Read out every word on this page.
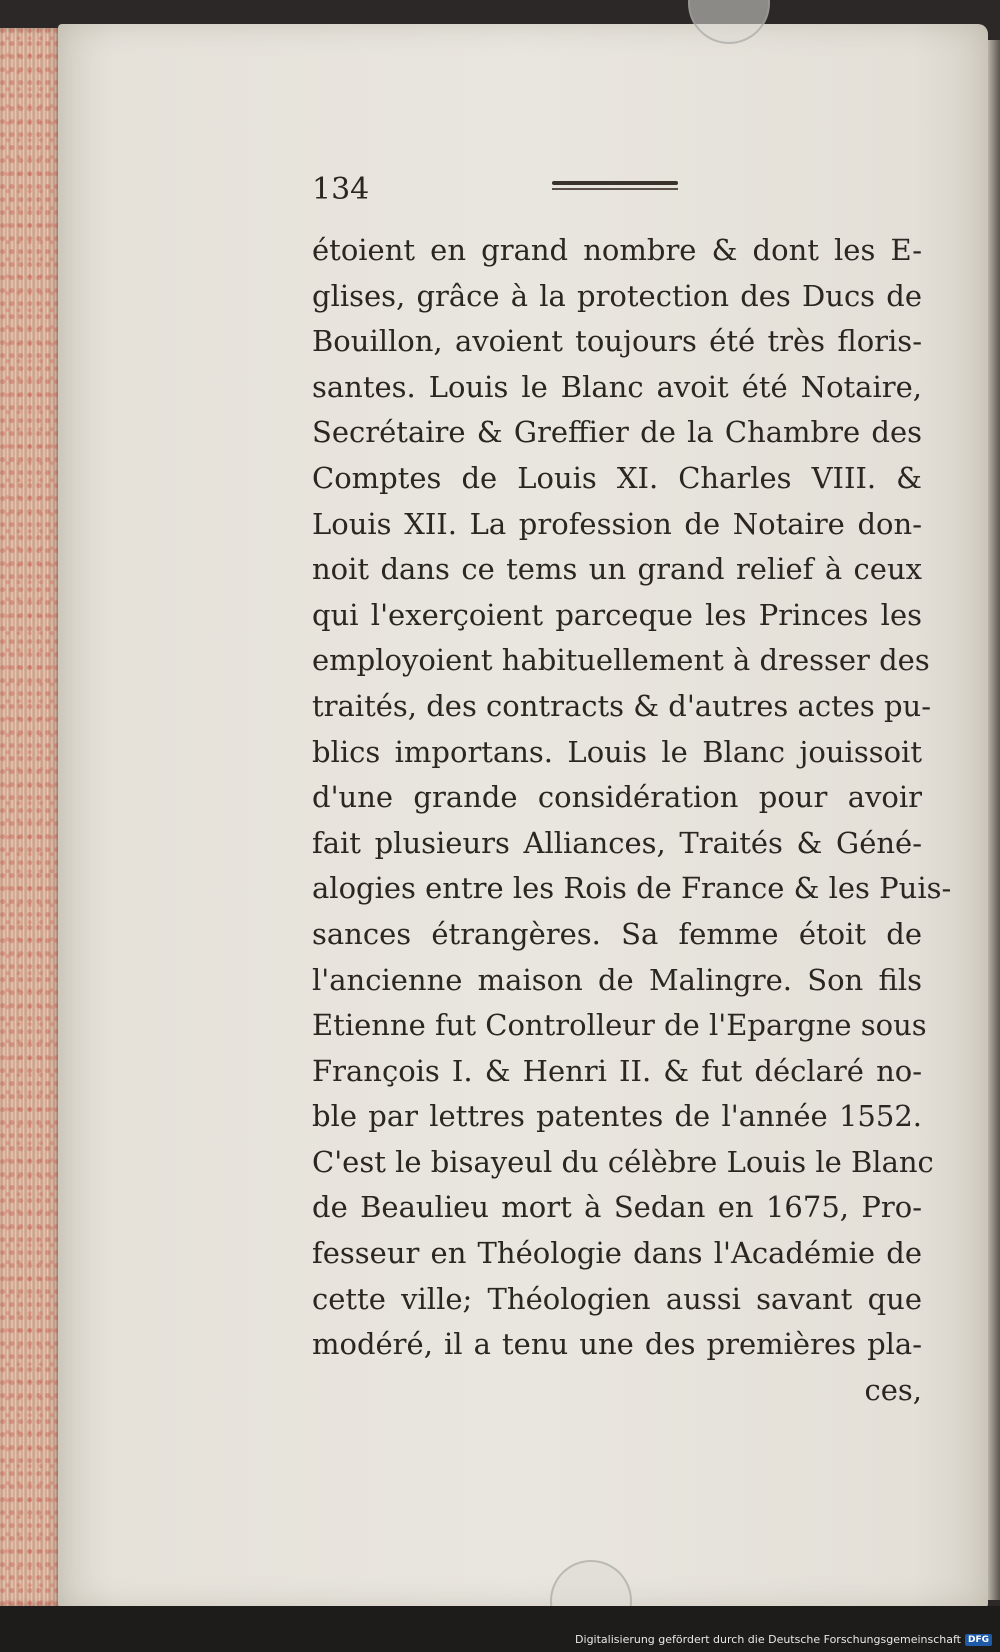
134
étoient en grand nombre & dont les E-
glises, grâce à la protection des Ducs de
Bouillon, avoient toujours été très floris-
santes. Louis le Blanc avoit été Notaire,
Secrétaire & Greffier de la Chambre des
Comptes de Louis XI. Charles VIII. &
Louis XII. La profession de Notaire don-
noit dans ce tems un grand relief à ceux
qui l'exerçoient parceque les Princes les
employoient habituellement à dresser des
traités, des contracts & d'autres actes pu-
blics importans. Louis le Blanc jouissoit
d'une grande considération pour avoir
fait plusieurs Alliances, Traités & Géné-
alogies entre les Rois de France & les Puis-
sances étrangères. Sa femme étoit de
l'ancienne maison de Malingre. Son fils
Etienne fut Controlleur de l'Epargne sous
François I. & Henri II. & fut déclaré no-
ble par lettres patentes de l'année 1552.
C'est le bisayeul du célèbre Louis le Blanc
de Beaulieu mort à Sedan en 1675, Pro-
fesseur en Théologie dans l'Académie de
cette ville; Théologien aussi savant que
modéré, il a tenu une des premières pla-
ces,
Digitalisierung gefördert durch die Deutsche Forschungsgemeinschaft DFG
